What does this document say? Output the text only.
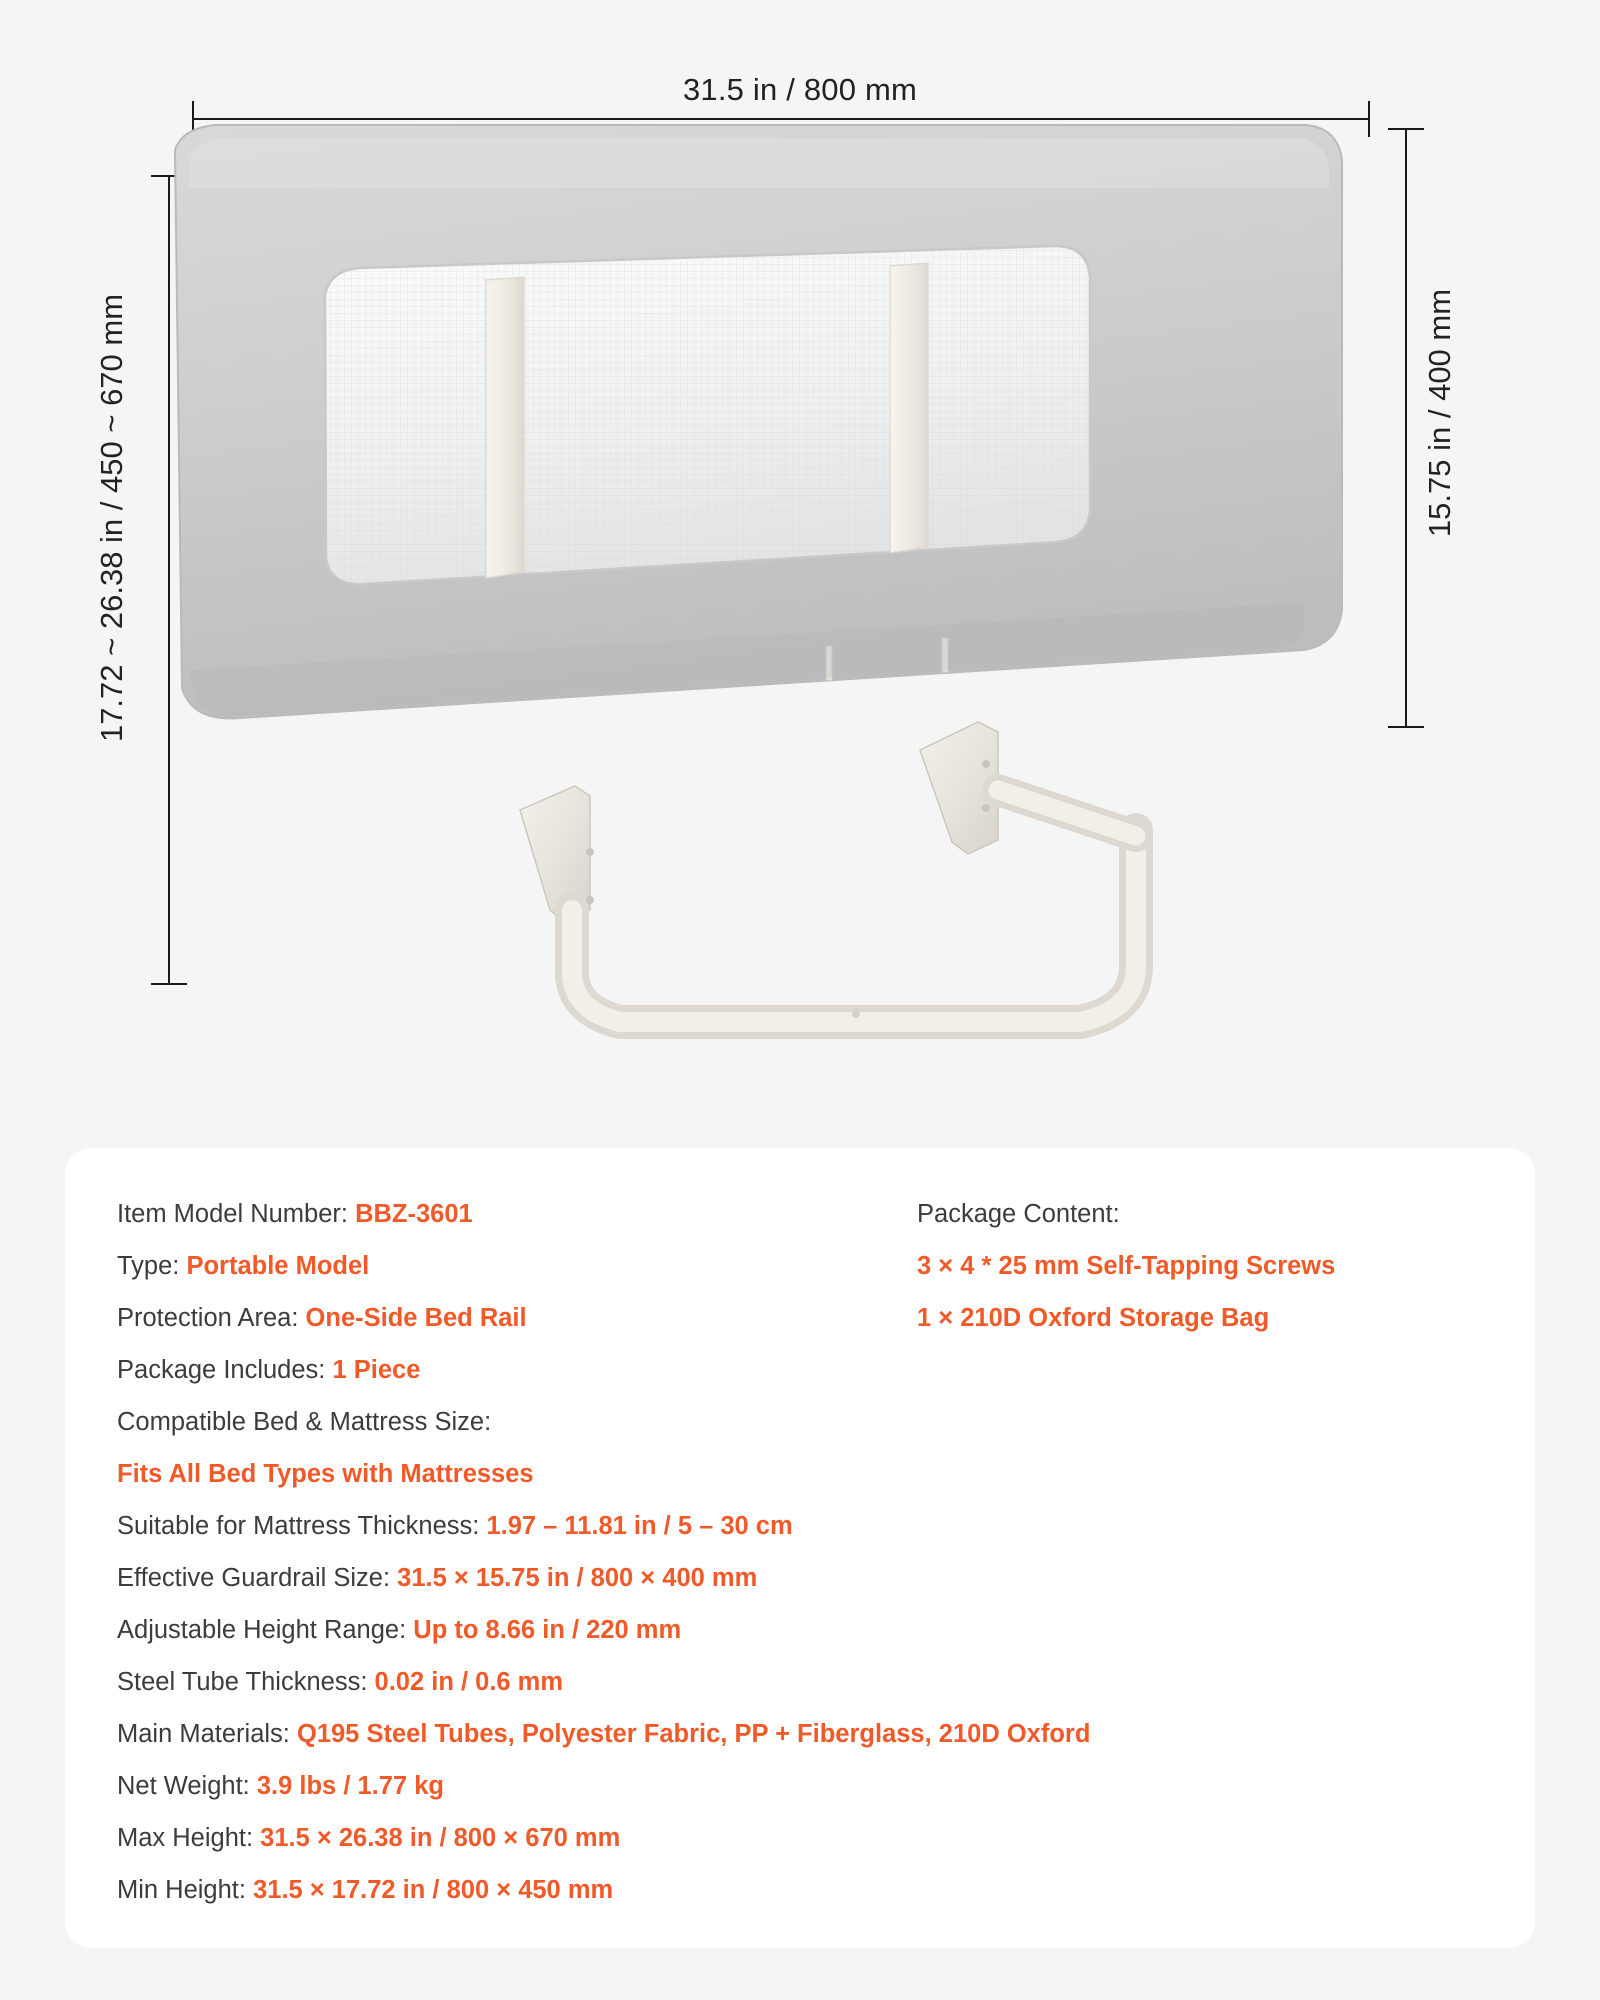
31.5 in / 800 mm
17.72 ~ 26.38 in / 450 ~ 670 mm	15.75 in / 400 mm
Item Model Number: BBZ-3601
Type: Portable Model
Protection Area: One-Side Bed Rail
Package Includes: 1 Piece
Compatible Bed & Mattress Size:
Fits All Bed Types with Mattresses
Suitable for Mattress Thickness: 1.97 – 11.81 in / 5 – 30 cm
Effective Guardrail Size: 31.5 × 15.75 in / 800 × 400 mm
Adjustable Height Range: Up to 8.66 in / 220 mm
Steel Tube Thickness: 0.02 in / 0.6 mm
Main Materials: Q195 Steel Tubes, Polyester Fabric, PP + Fiberglass, 210D Oxford
Net Weight: 3.9 lbs / 1.77 kg
Max Height: 31.5 × 26.38 in / 800 × 670 mm
Min Height: 31.5 × 17.72 in / 800 × 450 mm
Package Content:
3 × 4 * 25 mm Self-Tapping Screws
1 × 210D Oxford Storage Bag
